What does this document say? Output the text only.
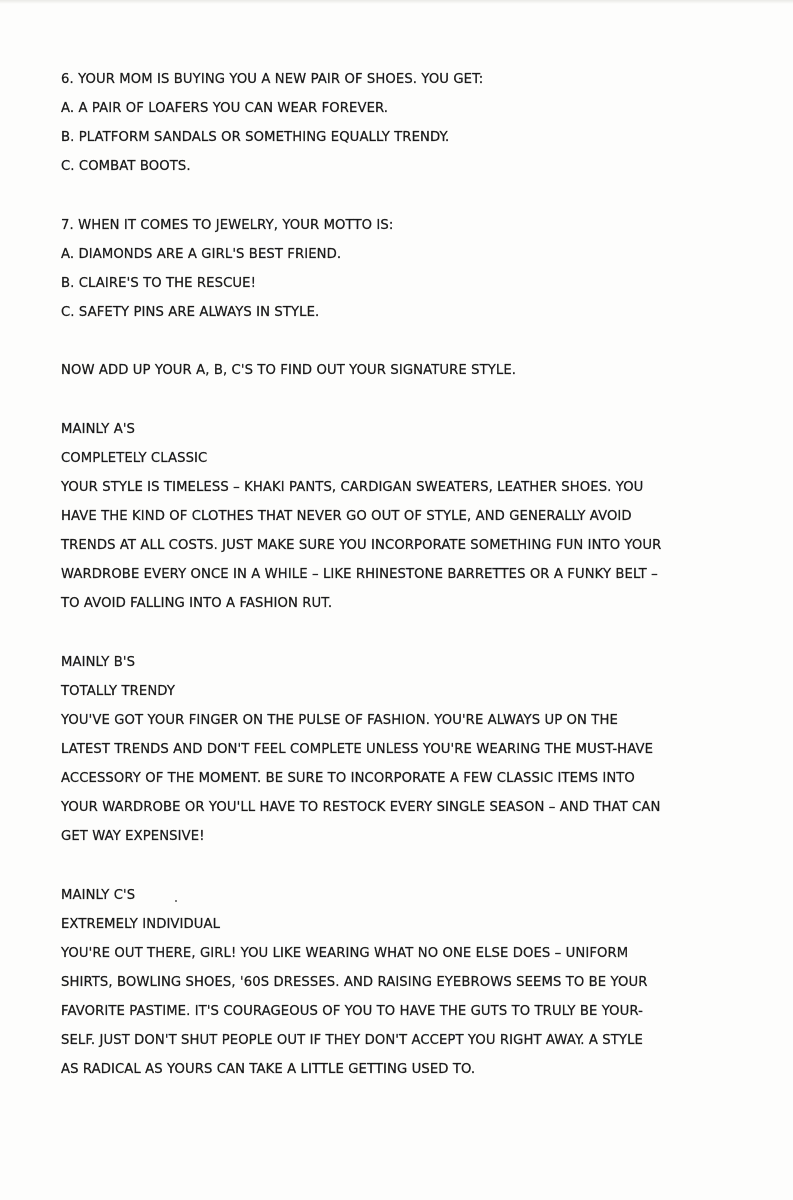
6. YOUR MOM IS BUYING YOU A NEW PAIR OF SHOES. YOU GET:
A. A PAIR OF LOAFERS YOU CAN WEAR FOREVER.
B. PLATFORM SANDALS OR SOMETHING EQUALLY TRENDY.
C. COMBAT BOOTS.
7. WHEN IT COMES TO JEWELRY, YOUR MOTTO IS:
A. DIAMONDS ARE A GIRL'S BEST FRIEND.
B. CLAIRE'S TO THE RESCUE!
C. SAFETY PINS ARE ALWAYS IN STYLE.
NOW ADD UP YOUR A, B, C'S TO FIND OUT YOUR SIGNATURE STYLE.
MAINLY A'S
COMPLETELY CLASSIC
YOUR STYLE IS TIMELESS – KHAKI PANTS, CARDIGAN SWEATERS, LEATHER SHOES. YOU
HAVE THE KIND OF CLOTHES THAT NEVER GO OUT OF STYLE, AND GENERALLY AVOID
TRENDS AT ALL COSTS. JUST MAKE SURE YOU INCORPORATE SOMETHING FUN INTO YOUR
WARDROBE EVERY ONCE IN A WHILE – LIKE RHINESTONE BARRETTES OR A FUNKY BELT –
TO AVOID FALLING INTO A FASHION RUT.
MAINLY B'S
TOTALLY TRENDY
YOU'VE GOT YOUR FINGER ON THE PULSE OF FASHION. YOU'RE ALWAYS UP ON THE
LATEST TRENDS AND DON'T FEEL COMPLETE UNLESS YOU'RE WEARING THE MUST-HAVE
ACCESSORY OF THE MOMENT. BE SURE TO INCORPORATE A FEW CLASSIC ITEMS INTO
YOUR WARDROBE OR YOU'LL HAVE TO RESTOCK EVERY SINGLE SEASON – AND THAT CAN
GET WAY EXPENSIVE!
MAINLY C'S
EXTREMELY INDIVIDUAL
YOU'RE OUT THERE, GIRL! YOU LIKE WEARING WHAT NO ONE ELSE DOES – UNIFORM
SHIRTS, BOWLING SHOES, '60S DRESSES. AND RAISING EYEBROWS SEEMS TO BE YOUR
FAVORITE PASTIME. IT'S COURAGEOUS OF YOU TO HAVE THE GUTS TO TRULY BE YOUR-
SELF. JUST DON'T SHUT PEOPLE OUT IF THEY DON'T ACCEPT YOU RIGHT AWAY. A STYLE
AS RADICAL AS YOURS CAN TAKE A LITTLE GETTING USED TO.
